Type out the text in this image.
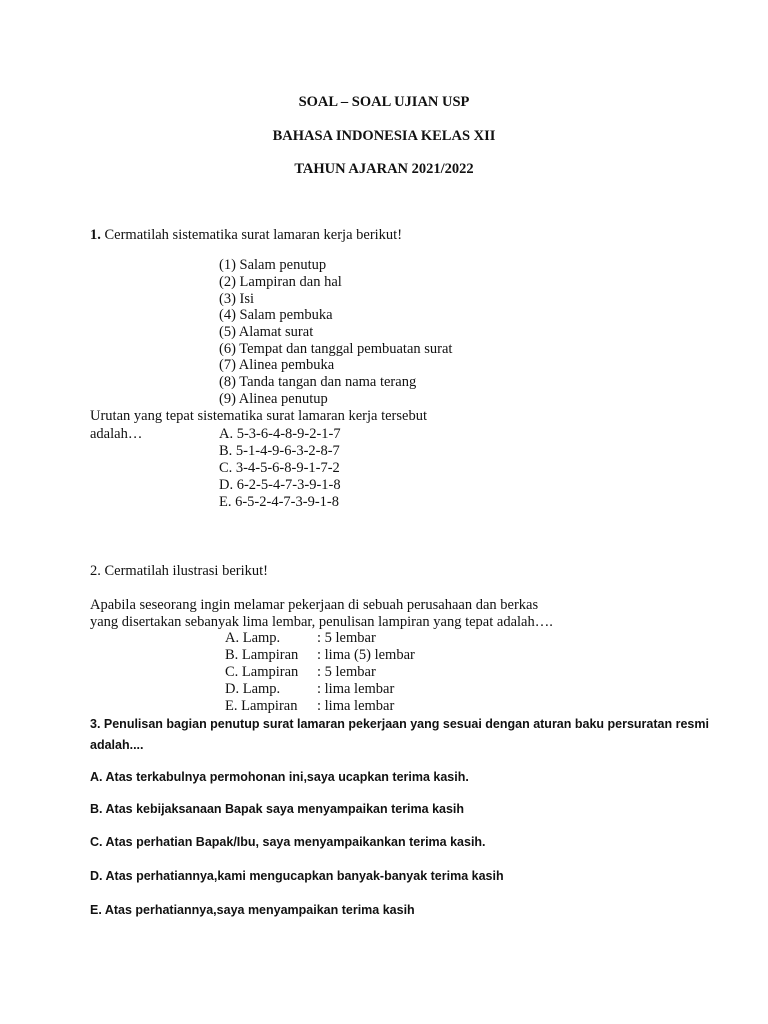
SOAL – SOAL UJIAN USP
BAHASA INDONESIA KELAS XII
TAHUN AJARAN 2021/2022
1. Cermatilah sistematika surat lamaran kerja berikut!
(1) Salam penutup
(2) Lampiran dan hal
(3) Isi
(4) Salam pembuka
(5) Alamat surat
(6) Tempat dan tanggal pembuatan surat
(7) Alinea pembuka
(8) Tanda tangan dan nama terang
(9) Alinea penutup
Urutan yang tepat sistematika surat lamaran kerja tersebut
adalah…	A. 5-3-6-4-8-9-2-1-7
B. 5-1-4-9-6-3-2-8-7
C. 3-4-5-6-8-9-1-7-2
D. 6-2-5-4-7-3-9-1-8
E. 6-5-2-4-7-3-9-1-8
2. Cermatilah ilustrasi berikut!
Apabila seseorang ingin melamar pekerjaan di sebuah perusahaan dan berkas
yang disertakan sebanyak lima lembar, penulisan lampiran yang tepat adalah….
A. Lamp.	: 5 lembar
B. Lampiran : lima (5) lembar
C. Lampiran : 5 lembar
D. Lamp.	: lima lembar
E. Lampiran : lima lembar
3. Penulisan bagian penutup surat lamaran pekerjaan yang sesuai dengan aturan baku persuratan resmi
adalah....
A. Atas terkabulnya permohonan ini,saya ucapkan terima kasih.
B. Atas kebijaksanaan Bapak saya menyampaikan terima kasih
C. Atas perhatian Bapak/Ibu, saya menyampaikankan terima kasih.
D. Atas perhatiannya,kami mengucapkan banyak-banyak terima kasih
E. Atas perhatiannya,saya menyampaikan terima kasih
